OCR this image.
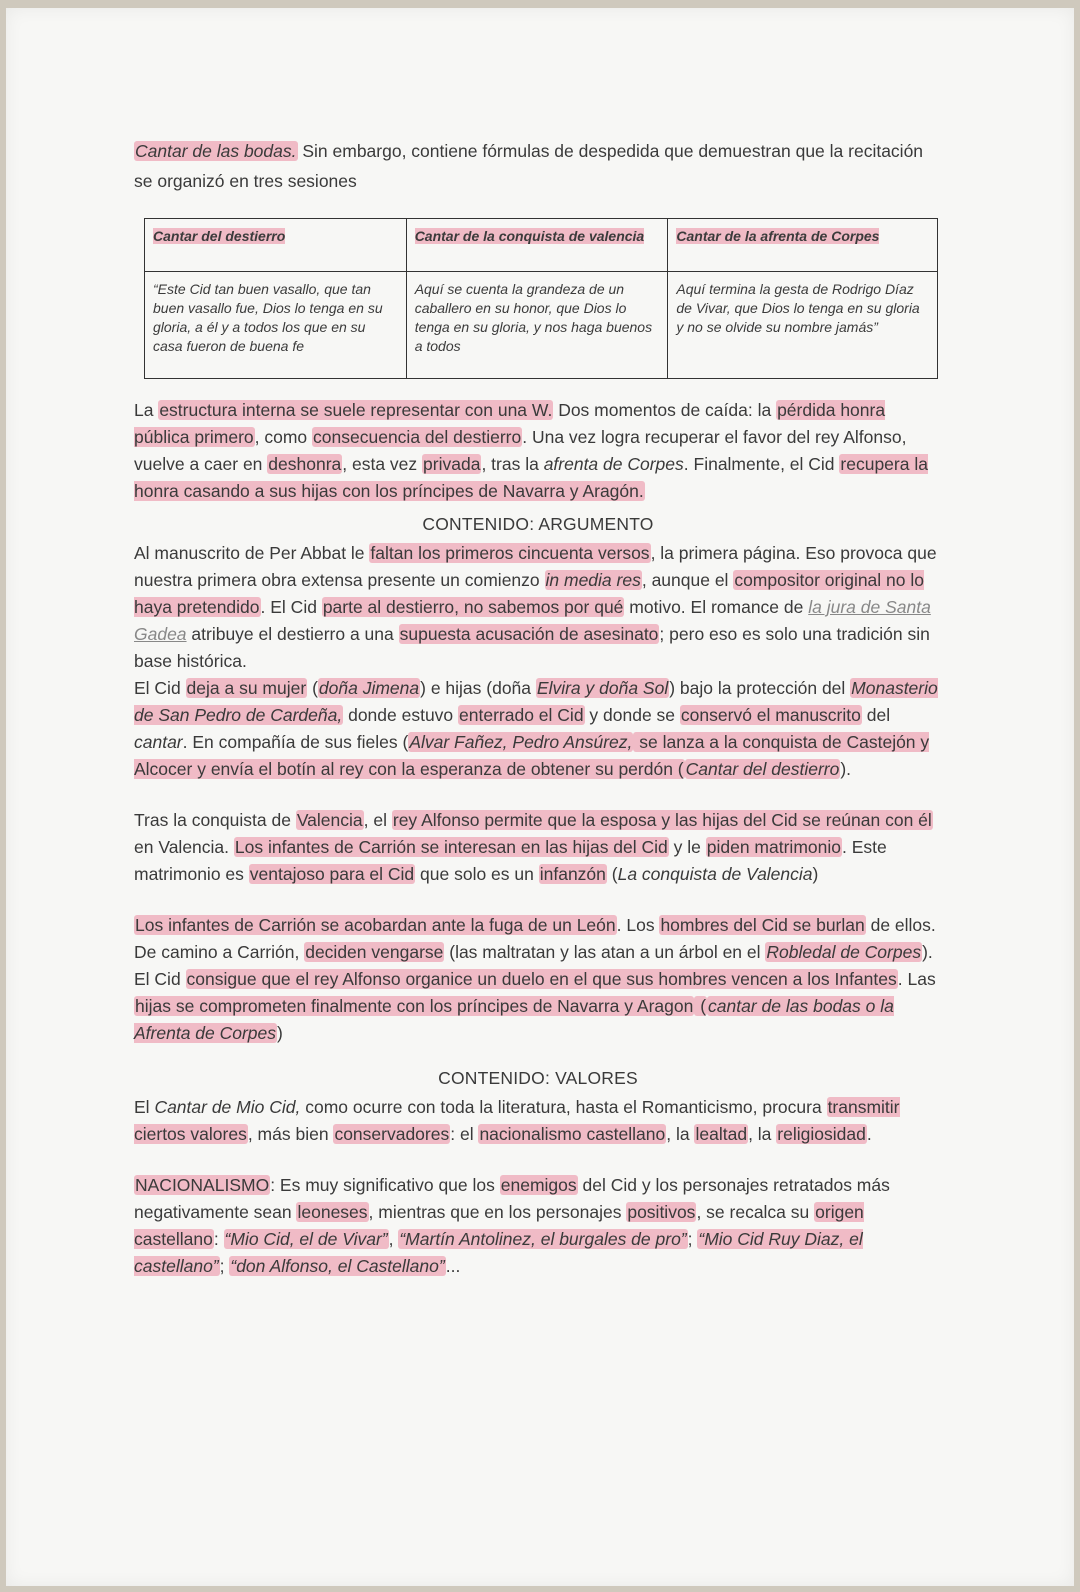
Cantar de las bodas. Sin embargo, contiene fórmulas de despedida que demuestran que la recitación se organizó en tres sesiones

Cantar del destierro	Cantar de la conquista de valencia	Cantar de la afrenta de Corpes
“Este Cid tan buen vasallo, que tan buen vasallo fue, Dios lo tenga en su gloria, a él y a todos los que en su casa fueron de buena fe	Aquí se cuenta la grandeza de un caballero en su honor, que Dios lo tenga en su gloria, y nos haga buenos a todos	Aquí termina la gesta de Rodrigo Díaz de Vivar, que Dios lo tenga en su gloria y no se olvide su nombre jamás”

La estructura interna se suele representar con una W. Dos momentos de caída: la pérdida honra pública primero, como consecuencia del destierro. Una vez logra recuperar el favor del rey Alfonso, vuelve a caer en deshonra, esta vez privada, tras la afrenta de Corpes. Finalmente, el Cid recupera la honra casando a sus hijas con los príncipes de Navarra y Aragón.

CONTENIDO: ARGUMENTO

Al manuscrito de Per Abbat le faltan los primeros cincuenta versos, la primera página. Eso provoca que nuestra primera obra extensa presente un comienzo in media res, aunque el compositor original no lo haya pretendido. El Cid parte al destierro, no sabemos por qué motivo. El romance de la jura de Santa Gadea atribuye el destierro a una supuesta acusación de asesinato; pero eso es solo una tradición sin base histórica.

El Cid deja a su mujer (doña Jimena) e hijas (doña Elvira y doña Sol) bajo la protección del Monasterio de San Pedro de Cardeña, donde estuvo enterrado el Cid y donde se conservó el manuscrito del cantar. En compañía de sus fieles (Alvar Fañez, Pedro Ansúrez, se lanza a la conquista de Castejón y Alcocer y envía el botín al rey con la esperanza de obtener su perdón ( Cantar del destierro).

Tras la conquista de Valencia, el rey Alfonso permite que la esposa y las hijas del Cid se reúnan con él en Valencia. Los infantes de Carrión se interesan en las hijas del Cid y le piden matrimonio. Este matrimonio es ventajoso para el Cid que solo es un infanzón (La conquista de Valencia)

Los infantes de Carrión se acobardan ante la fuga de un León. Los hombres del Cid se burlan de ellos. De camino a Carrión, deciden vengarse (las maltratan y las atan a un árbol en el Robledal de Corpes). El Cid consigue que el rey Alfonso organice un duelo en el que sus hombres vencen a los Infantes. Las hijas se comprometen finalmente con los príncipes de Navarra y Aragon ( cantar de las bodas o la Afrenta de Corpes)

CONTENIDO: VALORES

El Cantar de Mio Cid, como ocurre con toda la literatura, hasta el Romanticismo, procura transmitir ciertos valores, más bien conservadores: el nacionalismo castellano, la lealtad, la religiosidad.

NACIONALISMO: Es muy significativo que los enemigos del Cid y los personajes retratados más negativamente sean leoneses, mientras que en los personajes positivos, se recalca su origen castellano: “Mio Cid, el de Vivar”, “Martín Antolinez, el burgales de pro”; “Mio Cid Ruy Diaz, el castellano”; “don Alfonso, el Castellano”...
